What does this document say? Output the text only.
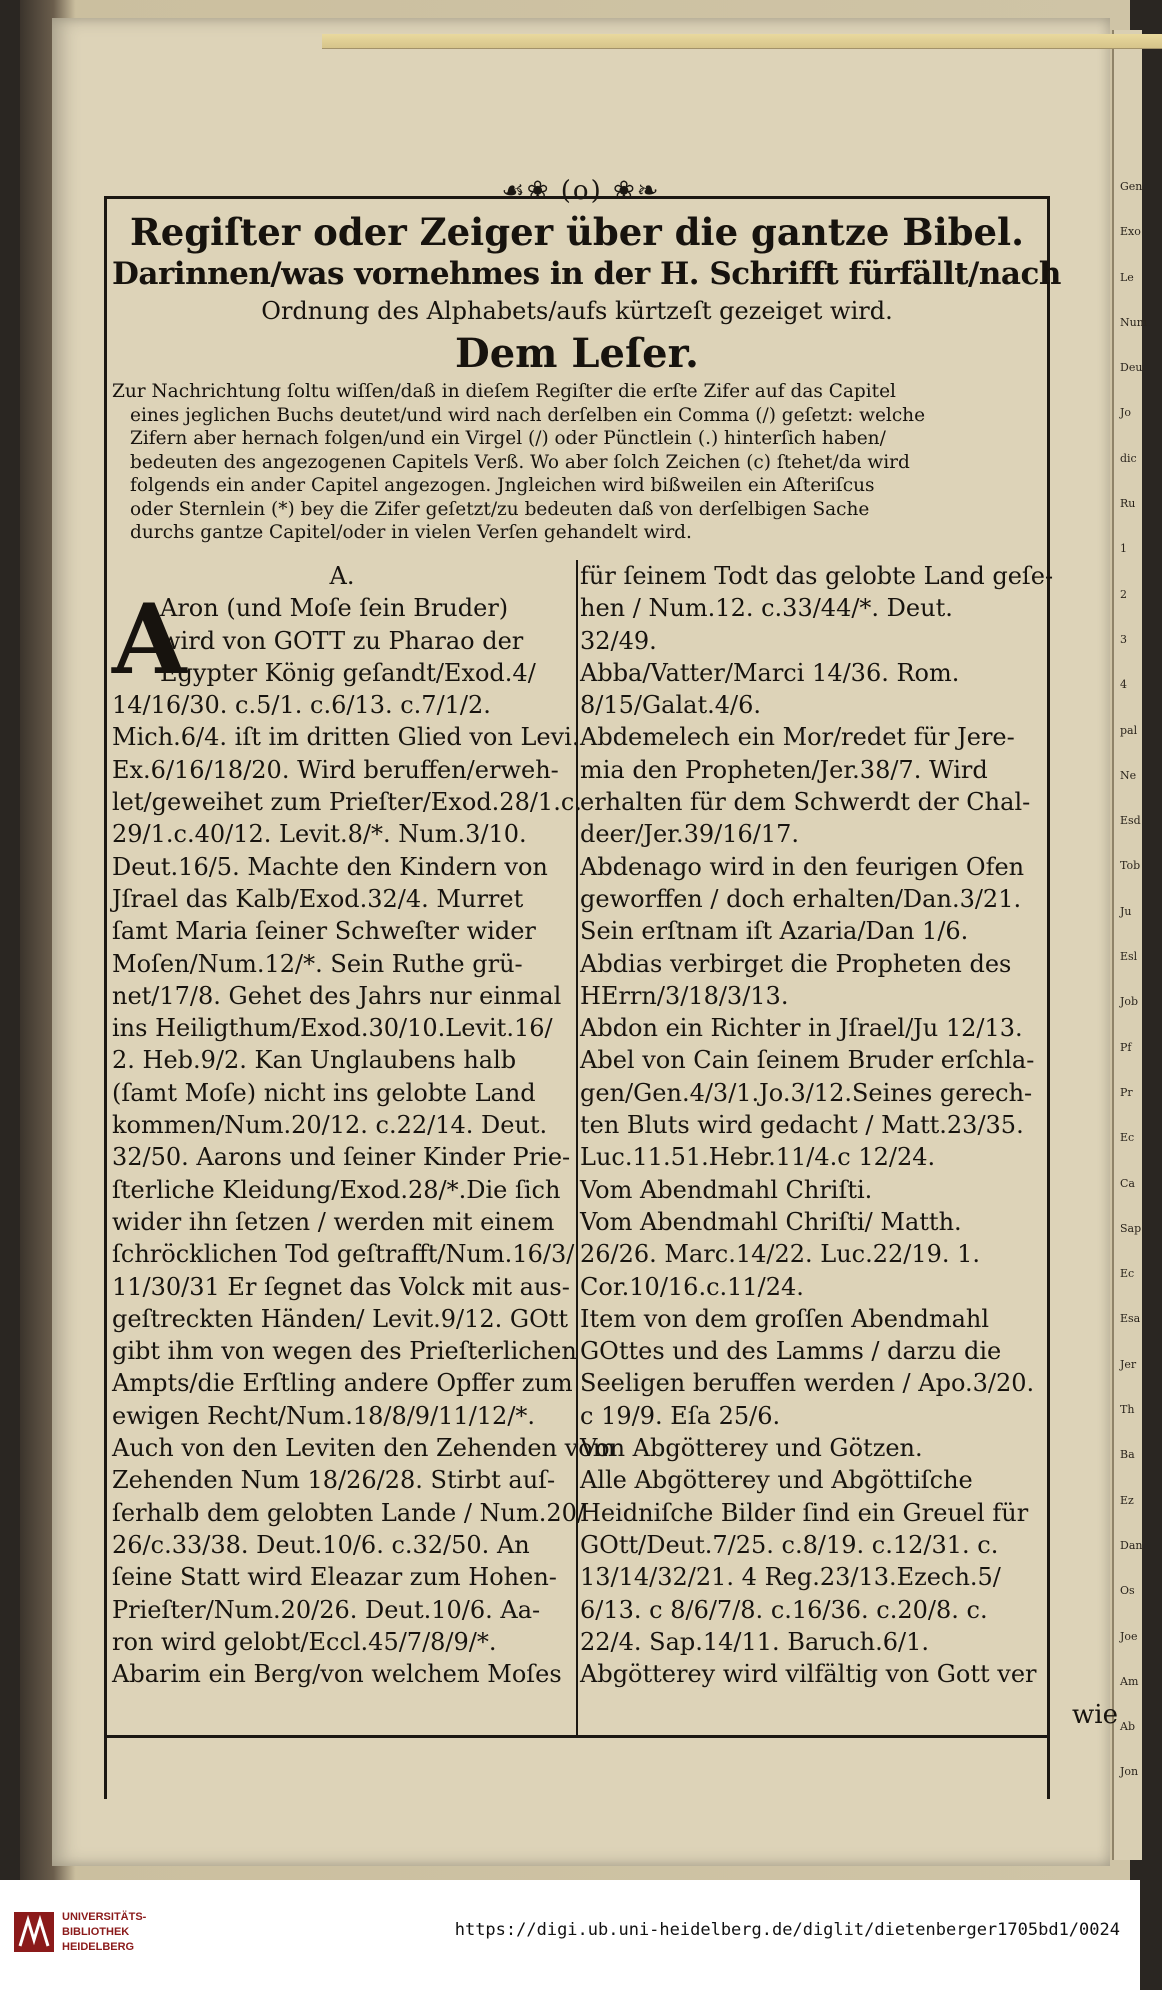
Gen
Exo
Le
Num
Deu
Jo
dic
Ru
1
2
3
4
pal
Ne
Esd
Tob
Ju
Esl
Job
Pf
Pr
Ec
Ca
Sap
Ec
Esa
Jer
Th
Ba
Ez
Dan
Os
Joe
Am
Ab
Jon
☙❀ (o) ❀❧
Regiſter oder Zeiger über die gantze Bibel.
Darinnen/was vornehmes in der H. Schrifft fürfällt/nach
Ordnung des Alphabets/aufs kürtzeſt gezeiget wird.
Dem Leſer.

Zur Nachrichtung ſoltu wiſſen/daß in dieſem Regiſter die erſte Zifer auf das Capitel

eines jeglichen Buchs deutet/und wird nach derſelben ein Comma (/) geſetzt: welche

Zifern aber hernach folgen/und ein Virgel (/) oder Pünctlein (.) hinterſich haben/

bedeuten des angezogenen Capitels Verß. Wo aber ſolch Zeichen (c) ſtehet/da wird

folgends ein ander Capitel angezogen. Jngleichen wird bißweilen ein Aſteriſcus

oder Sternlein (*) bey die Zifer geſetzt/zu bedeuten daß von derſelbigen Sache

durchs gantze Capitel/oder in vielen Verſen gehandelt wird.

A.

A

Aron (und Moſe ſein Bruder)

wird von GOTT zu Pharao der

Egypter König geſandt/Exod.4/

14/16/30. c.5/1. c.6/13. c.7/1/2.

Mich.6/4. iſt im dritten Glied von Levi.

Ex.6/16/18/20. Wird beruffen/erweh-

let/geweihet zum Prieſter/Exod.28/1.c.

29/1.c.40/12. Levit.8/*. Num.3/10.

Deut.16/5. Machte den Kindern von

Jſrael das Kalb/Exod.32/4. Murret

ſamt Maria ſeiner Schweſter wider

Moſen/Num.12/*. Sein Ruthe grü-

net/17/8. Gehet des Jahrs nur einmal

ins Heiligthum/Exod.30/10.Levit.16/

2. Heb.9/2. Kan Unglaubens halb

(ſamt Moſe) nicht ins gelobte Land

kommen/Num.20/12. c.22/14. Deut.

32/50. Aarons und ſeiner Kinder Prie-

ſterliche Kleidung/Exod.28/*.Die ſich

wider ihn ſetzen / werden mit einem

ſchröcklichen Tod geſtrafft/Num.16/3/

11/30/31 Er ſegnet das Volck mit aus-

geſtreckten Händen/ Levit.9/12. GOtt

gibt ihm von wegen des Prieſterlichen

Ampts/die Erſtling andere Opffer zum

ewigen Recht/Num.18/8/9/11/12/*.

Auch von den Leviten den Zehenden vom

Zehenden Num 18/26/28. Stirbt auſ-

ſerhalb dem gelobten Lande / Num.20/

26/c.33/38. Deut.10/6. c.32/50. An

ſeine Statt wird Eleazar zum Hohen-

Prieſter/Num.20/26. Deut.10/6. Aa-

ron wird gelobt/Eccl.45/7/8/9/*.

Abarim ein Berg/von welchem Moſes

für ſeinem Todt das gelobte Land geſe-

hen / Num.12. c.33/44/*. Deut.

32/49.

Abba/Vatter/Marci 14/36. Rom.

8/15/Galat.4/6.

Abdemelech ein Mor/redet für Jere-

mia den Propheten/Jer.38/7. Wird

erhalten für dem Schwerdt der Chal-

deer/Jer.39/16/17.

Abdenago wird in den feurigen Ofen

geworffen / doch erhalten/Dan.3/21.

Sein erſtnam iſt Azaria/Dan 1/6.

Abdias verbirget die Propheten des

HErrn/3/18/3/13.

Abdon ein Richter in Jſrael/Ju 12/13.

Abel von Cain ſeinem Bruder erſchla-

gen/Gen.4/3/1.Jo.3/12.Seines gerech-

ten Bluts wird gedacht / Matt.23/35.

Luc.11.51.Hebr.11/4.c 12/24.

Vom Abendmahl Chriſti.

Vom Abendmahl Chriſti/ Matth.

26/26. Marc.14/22. Luc.22/19. 1.

Cor.10/16.c.11/24.

Item von dem groſſen Abendmahl

GOttes und des Lamms / darzu die

Seeligen beruffen werden / Apo.3/20.

c 19/9. Eſa 25/6.

Von Abgötterey und Götzen.

Alle Abgötterey und Abgöttiſche

Heidniſche Bilder ſind ein Greuel für

GOtt/Deut.7/25. c.8/19. c.12/31. c.

13/14/32/21. 4 Reg.23/13.Ezech.5/

6/13. c 8/6/7/8. c.16/36. c.20/8. c.

22/4. Sap.14/11. Baruch.6/1.

Abgötterey wird vilfältig von Gott ver

wie
UNIVERSITÄTS-
BIBLIOTHEK
HEIDELBERG
https://digi.ub.uni-heidelberg.de/diglit/dietenberger1705bd1/0024
